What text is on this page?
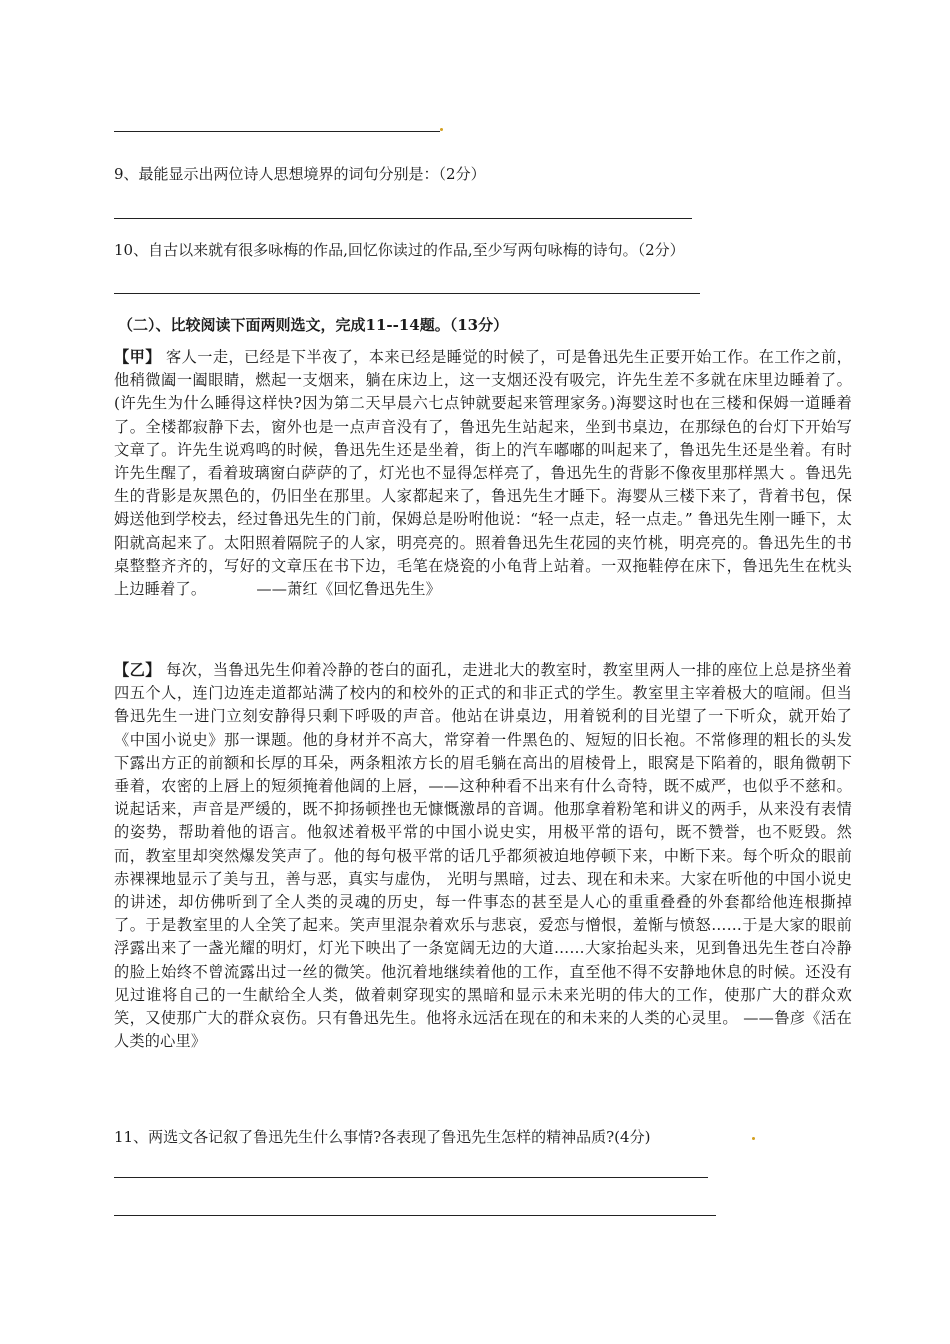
9、最能显示出两位诗人思想境界的词句分别是：（2分）
10、自古以来就有很多咏梅的作品,回忆你读过的作品,至少写两句咏梅的诗句。（2分）
（二）、比较阅读下面两则选文，完成11--14题。（13分）
【甲】 客人一走，已经是下半夜了，本来已经是睡觉的时候了，可是鲁迅先生正要开始工作。在工作之前，他稍微阖一阖眼睛，燃起一支烟来，躺在床边上，这一支烟还没有吸完，许先生差不多就在床里边睡着了。(许先生为什么睡得这样快?因为第二天早晨六七点钟就要起来管理家务。)海婴这时也在三楼和保姆一道睡着了。全楼都寂静下去，窗外也是一点声音没有了，鲁迅先生站起来，坐到书桌边，在那绿色的台灯下开始写文章了。许先生说鸡鸣的时候，鲁迅先生还是坐着，街上的汽车嘟嘟的叫起来了，鲁迅先生还是坐着。有时许先生醒了，看着玻璃窗白萨萨的了，灯光也不显得怎样亮了，鲁迅先生的背影不像夜里那样黑大 。鲁迅先生的背影是灰黑色的，仍旧坐在那里。人家都起来了，鲁迅先生才睡下。海婴从三楼下来了，背着书包，保姆送他到学校去，经过鲁迅先生的门前，保姆总是吩咐他说：“轻一点走，轻一点走。” 鲁迅先生刚一睡下，太阳就高起来了。太阳照着隔院子的人家，明亮亮的。照着鲁迅先生花园的夹竹桃，明亮亮的。鲁迅先生的书桌整整齐齐的，写好的文章压在书下边，毛笔在烧瓷的小龟背上站着。一双拖鞋停在床下，鲁迅先生在枕头上边睡着了。	——萧红《回忆鲁迅先生》
【乙】 每次，当鲁迅先生仰着冷静的苍白的面孔，走进北大的教室时，教室里两人一排的座位上总是挤坐着四五个人，连门边连走道都站满了校内的和校外的正式的和非正式的学生。教室里主宰着极大的喧闹。但当鲁迅先生一进门立刻安静得只剩下呼吸的声音。他站在讲桌边，用着锐利的目光望了一下听众，就开始了《中国小说史》那一课题。他的身材并不高大，常穿着一件黑色的、短短的旧长袍。不常修理的粗长的头发下露出方正的前额和长厚的耳朵，两条粗浓方长的眉毛躺在高出的眉棱骨上，眼窝是下陷着的，眼角微朝下垂着，农密的上唇上的短须掩着他阔的上唇，——这种种看不出来有什么奇特，既不威严，也似乎不慈和。说起话来，声音是严缓的，既不抑扬顿挫也无慷慨激昂的音调。他那拿着粉笔和讲义的两手，从来没有表情的姿势，帮助着他的语言。他叙述着极平常的中国小说史实，用极平常的语句，既不赞誉，也不贬毁。然而，教室里却突然爆发笑声了。他的每句极平常的话几乎都须被迫地停顿下来，中断下来。每个听众的眼前赤裸裸地显示了美与丑，善与恶，真实与虚伪， 光明与黑暗，过去、现在和未来。大家在听他的中国小说史的讲述，却仿佛听到了全人类的灵魂的历史，每一件事态的甚至是人心的重重叠叠的外套都给他连根撕掉了。于是教室里的人全笑了起来。笑声里混杂着欢乐与悲哀，爱恋与憎恨，羞惭与愤怒……于是大家的眼前浮露出来了一盏光耀的明灯，灯光下映出了一条宽阔无边的大道……大家抬起头来，见到鲁迅先生苍白冷静的脸上始终不曾流露出过一丝的微笑。他沉着地继续着他的工作，直至他不得不安静地休息的时候。还没有见过谁将自己的一生献给全人类，做着刺穿现实的黑暗和显示未来光明的伟大的工作，使那广大的群众欢笑，又使那广大的群众哀伤。只有鲁迅先生。他将永远活在现在的和未来的人类的心灵里。 ——鲁彦《活在人类的心里》
11、两选文各记叙了鲁迅先生什么事情?各表现了鲁迅先生怎样的精神品质?(4分)
